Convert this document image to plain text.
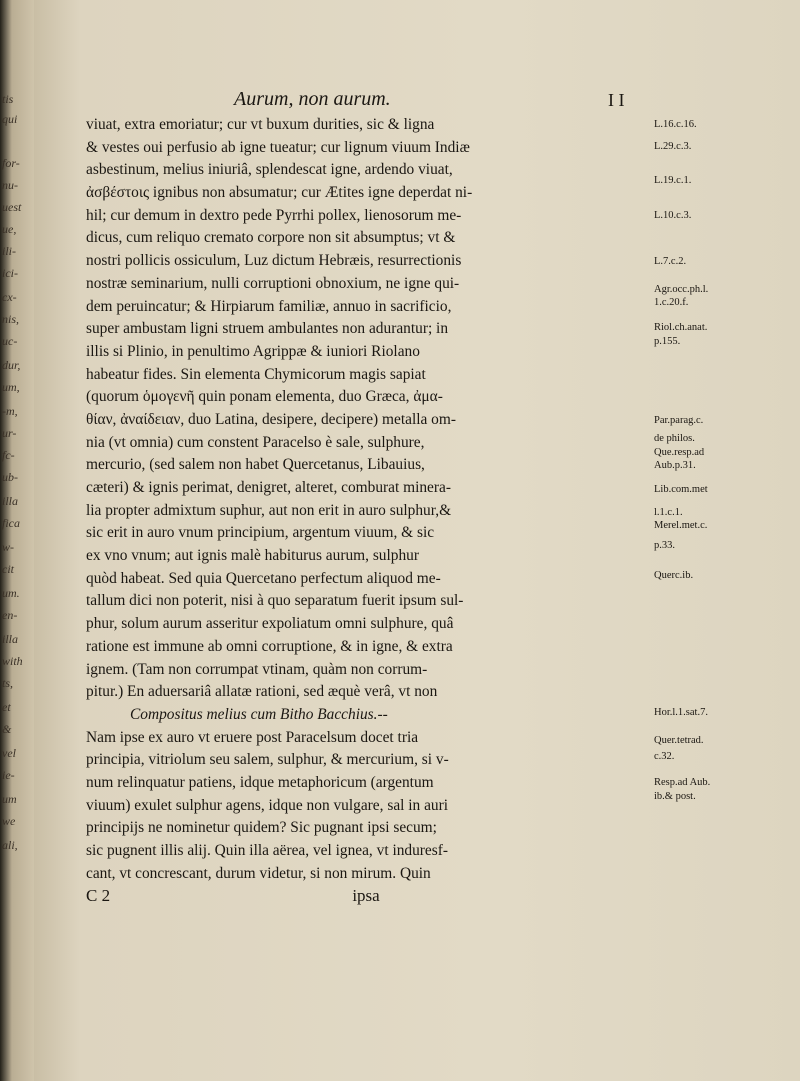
tis
qui
for-
nu-
uest
ue,
ili-
ici-
cx-
nis,
uc-
dur,
um,
-m,
ur-
fc-
ub-
illa
fica
w-
cit
um.
en-
illa
with
ts,
et
&
vel
ie-
um
we
ali,
Aurum, non aurum.	I I
viuat, extra emoriatur; cur vt buxum durities, sic & ligna
& vestes oui perfusio ab igne tueatur; cur lignum viuum Indiæ
asbestinum, melius iniuriâ, splendescat igne, ardendo viuat,
ἀσβέστοις ignibus non absumatur; cur Ætites igne deperdat ni-
hil; cur demum in dextro pede Pyrrhi pollex, lienosorum me-
dicus, cum reliquo cremato corpore non sit absumptus; vt &
nostri pollicis ossiculum, Luz dictum Hebræis, resurrectionis
nostræ seminarium, nulli corruptioni obnoxium, ne igne qui-
dem peruincatur; & Hirpiarum familiæ, annuo in sacrificio,
super ambustam ligni struem ambulantes non adurantur; in
illis si Plinio, in penultimo Agrippæ & iuniori Riolano
habeatur fides. Sin elementa Chymicorum magis sapiat
(quorum ὁμογενῆ quin ponam elementa, duo Græca, ἀμα-
θίαν, ἀναίδειαν, duo Latina, desipere, decipere) metalla om-
nia (vt omnia) cum constent Paracelso è sale, sulphure,
mercurio, (sed salem non habet Quercetanus, Libauius,
cæteri) & ignis perimat, denigret, alteret, comburat minera-
lia propter admixtum suphur, aut non erit in auro sulphur,&
sic erit in auro vnum principium, argentum viuum, & sic
ex vno vnum; aut ignis malè habiturus aurum, sulphur
quòd habeat. Sed quia Quercetano perfectum aliquod me-
tallum dici non poterit, nisi à quo separatum fuerit ipsum sul-
phur, solum aurum asseritur expoliatum omni sulphure, quâ
ratione est immune ab omni corruptione, & in igne, & extra
ignem. (Tam non corrumpat vtinam, quàm non corrum-
pitur.) En aduersariâ allatæ rationi, sed æquè verâ, vt non
Compositus melius cum Bitho Bacchius.--
Nam ipse ex auro vt eruere post Paracelsum docet tria
principia, vitriolum seu salem, sulphur, & mercurium, si v-
num relinquatur patiens, idque metaphoricum (argentum
viuum) exulet sulphur agens, idque non vulgare, sal in auri
principijs ne nominetur quidem? Sic pugnant ipsi secum;
sic pugnent illis alij. Quin illa aërea, vel ignea, vt induresf-
cant, vt concrescant, durum videtur, si non mirum. Quin
C 2                                                         ipsa
L.16.c.16.
L.29.c.3.
L.19.c.1.
L.10.c.3.
L.7.c.2.
Agr.occ.ph.l.
1.c.20.f.
Riol.ch.anat.
p.155.
Par.parag.c.
de philos.
Que.resp.ad
Aub.p.31.
Lib.com.met
l.1.c.1.
Merel.met.c.
p.33.
Querc.ib.
Hor.l.1.sat.7.
Quer.tetrad.
c.32.
Resp.ad Aub.
ib.& post.
